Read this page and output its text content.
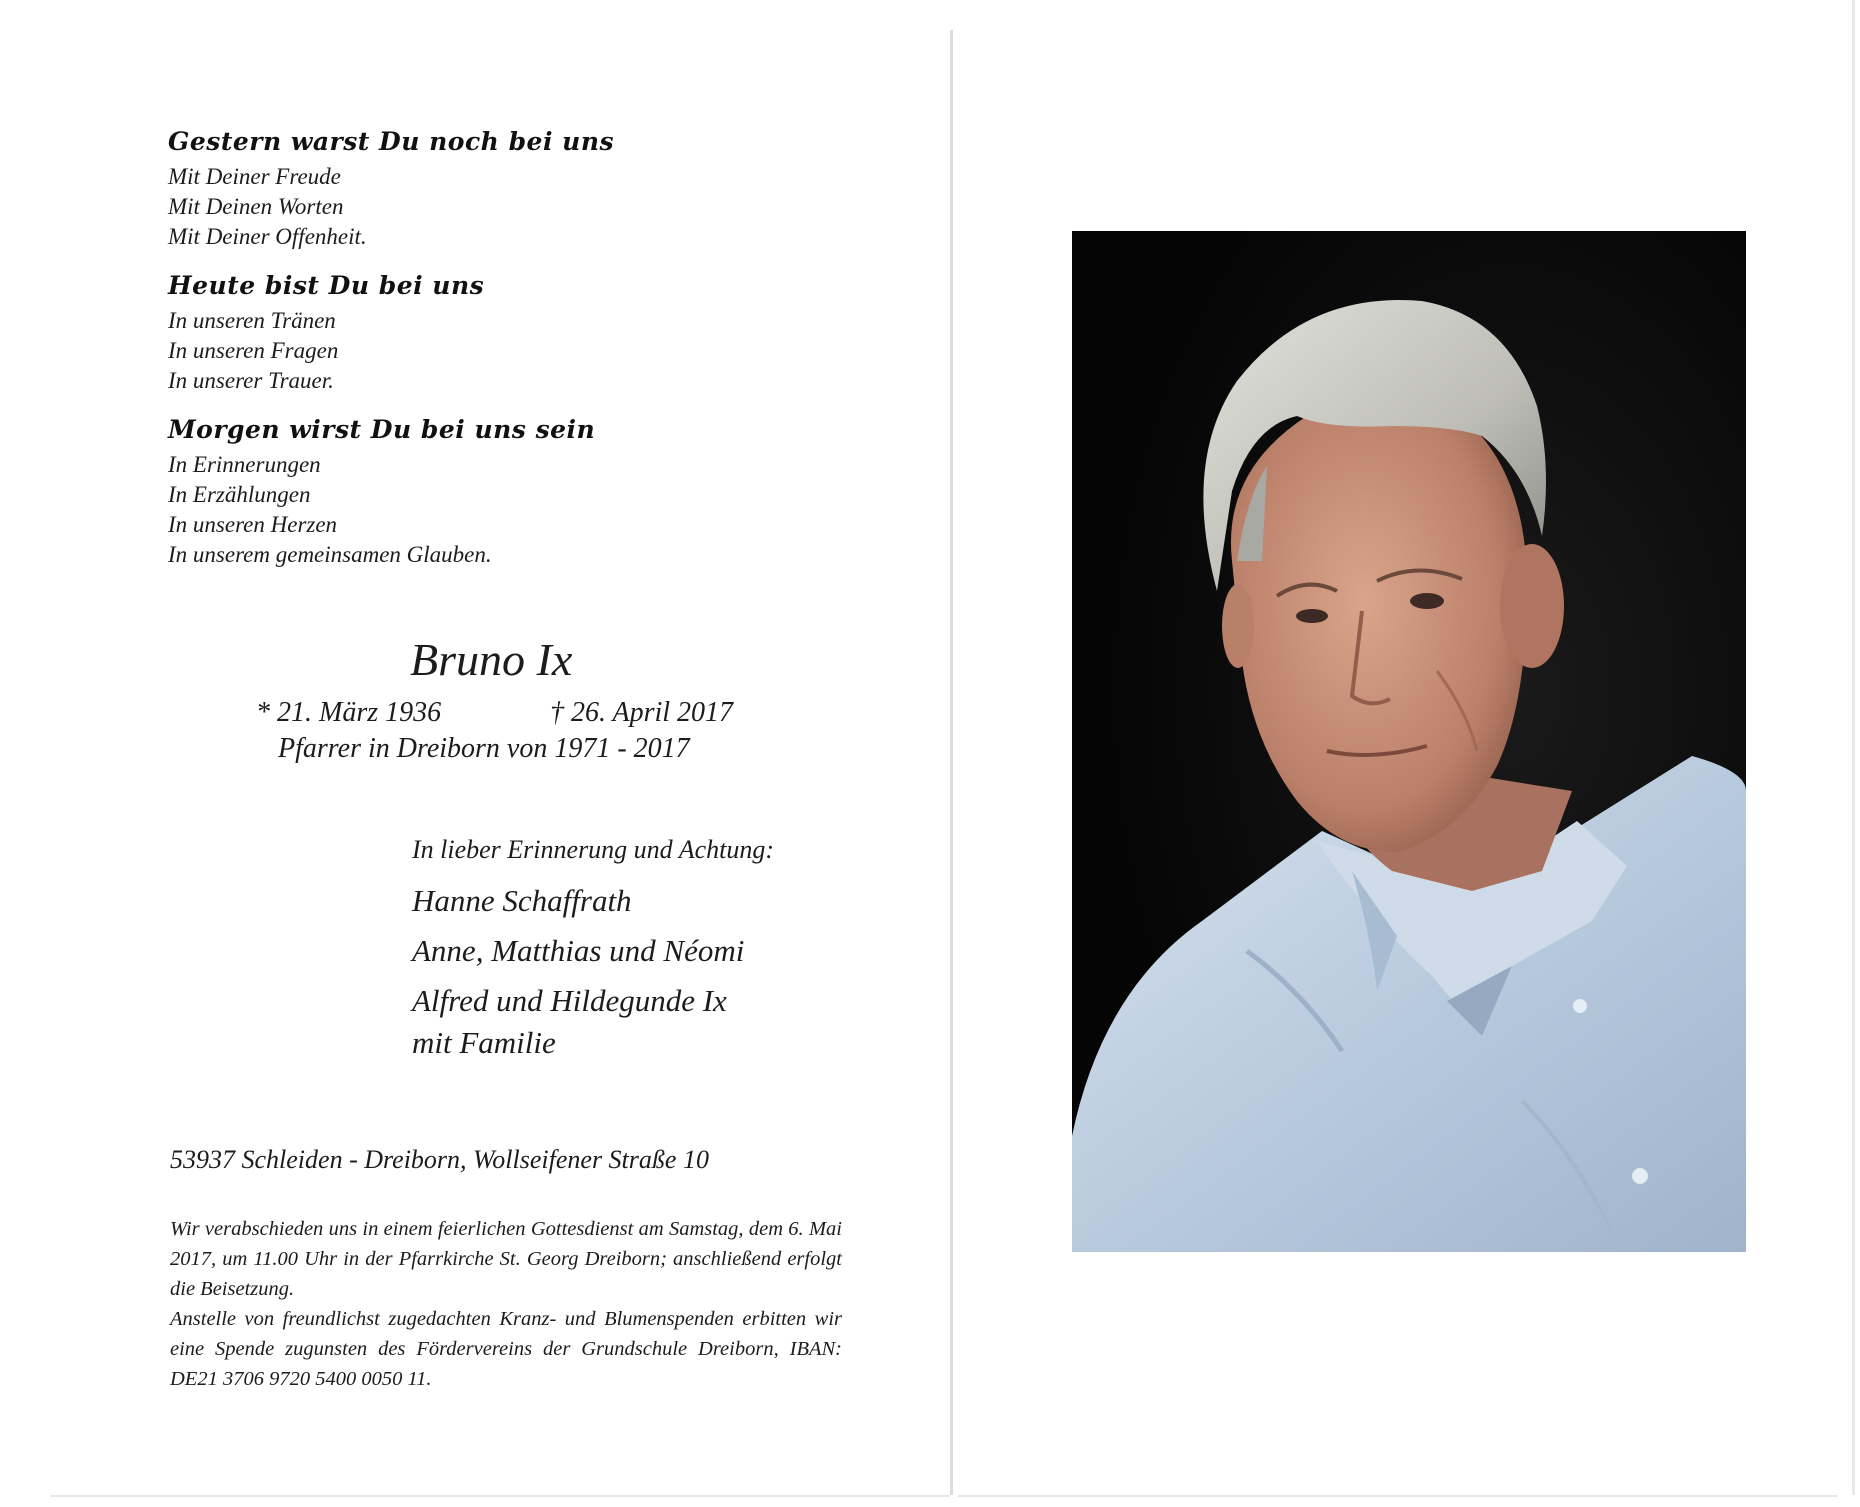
Gestern warst Du noch bei uns
Mit Deiner Freude
Mit Deinen Worten
Mit Deiner Offenheit.
Heute bist Du bei uns
In unseren Tränen
In unseren Fragen
In unserer Trauer.
Morgen wirst Du bei uns sein
In Erinnerungen
In Erzählungen
In unseren Herzen
In unserem gemeinsamen Glauben.
Bruno Ix
* 21. März 1936	† 26. April 2017
Pfarrer in Dreiborn von 1971 - 2017
In lieber Erinnerung und Achtung:
Hanne Schaffrath
Anne, Matthias und Néomi
Alfred und Hildegunde Ix
mit Familie
53937 Schleiden - Dreiborn, Wollseifener Straße 10

Wir verabschieden uns in einem feierlichen Gottesdienst am Samstag, dem 6. Mai 2017, um 11.00 Uhr in der Pfarrkirche St. Georg Dreiborn; anschließend erfolgt die Beisetzung.

Anstelle von freundlichst zugedachten Kranz- und Blumenspenden erbitten wir eine Spende zugunsten des Fördervereins der Grundschule Dreiborn, IBAN: DE21 3706 9720 5400 0050 11.
